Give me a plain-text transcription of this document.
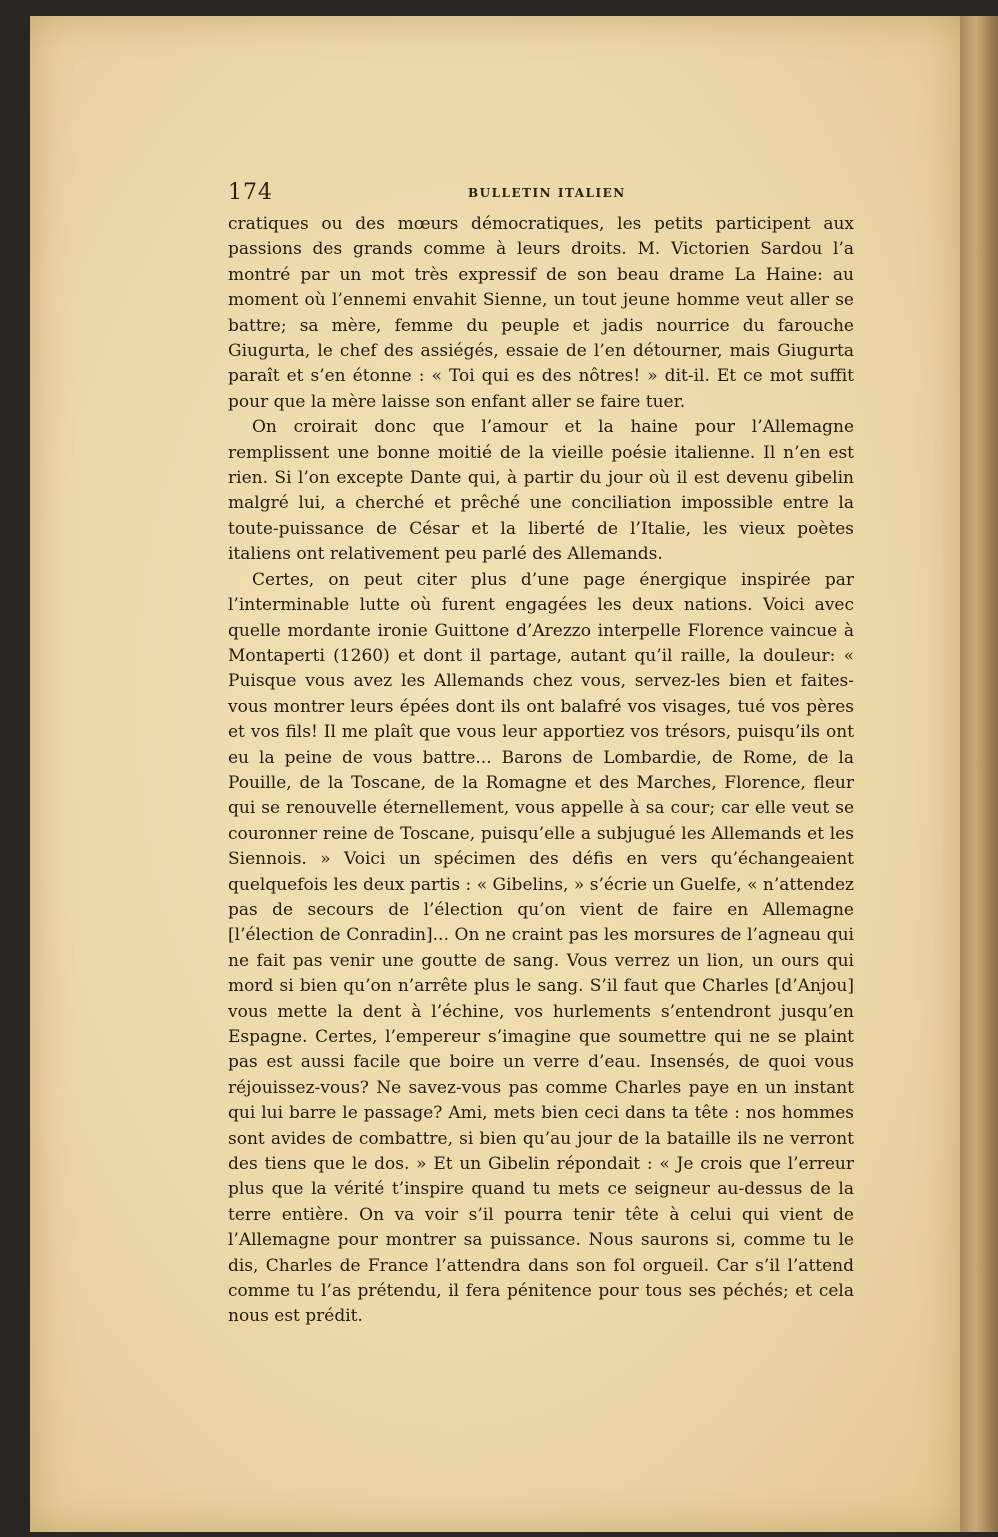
174	BULLETIN ITALIEN

cratiques ou des mœurs démocratiques, les petits participent aux passions des grands comme à leurs droits. M. Victorien Sardou l’a montré par un mot très expressif de son beau drame La Haine: au moment où l’ennemi envahit Sienne, un tout jeune homme veut aller se battre; sa mère, femme du peuple et jadis nourrice du farouche Giugurta, le chef des assiégés, essaie de l’en détourner, mais Giugurta paraît et s’en étonne : « Toi qui es des nôtres! » dit-il. Et ce mot suffit pour que la mère laisse son enfant aller se faire tuer.

On croirait donc que l’amour et la haine pour l’Allemagne remplissent une bonne moitié de la vieille poésie italienne. Il n’en est rien. Si l’on excepte Dante qui, à partir du jour où il est devenu gibelin malgré lui, a cherché et prêché une conciliation impossible entre la toute-puissance de César et la liberté de l’Italie, les vieux poètes italiens ont relativement peu parlé des Allemands.

Certes, on peut citer plus d’une page énergique inspirée par l’interminable lutte où furent engagées les deux nations. Voici avec quelle mordante ironie Guittone d’Arezzo interpelle Florence vaincue à Montaperti (1260) et dont il partage, autant qu’il raille, la douleur: « Puisque vous avez les Allemands chez vous, servez-les bien et faites-vous montrer leurs épées dont ils ont balafré vos visages, tué vos pères et vos fils! Il me plaît que vous leur apportiez vos trésors, puisqu’ils ont eu la peine de vous battre... Barons de Lombardie, de Rome, de la Pouille, de la Toscane, de la Romagne et des Marches, Florence, fleur qui se renouvelle éternellement, vous appelle à sa cour; car elle veut se couronner reine de Toscane, puisqu’elle a subjugué les Allemands et les Siennois. » Voici un spécimen des défis en vers qu’échangeaient quelquefois les deux partis : « Gibelins, » s’écrie un Guelfe, « n’attendez pas de secours de l’élection qu’on vient de faire en Allemagne [l’élection de Conradin]... On ne craint pas les morsures de l’agneau qui ne fait pas venir une goutte de sang. Vous verrez un lion, un ours qui mord si bien qu’on n’arrête plus le sang. S’il faut que Charles [d’Anjou] vous mette la dent à l’échine, vos hurlements s’entendront jusqu’en Espagne. Certes, l’empereur s’imagine que soumettre qui ne se plaint pas est aussi facile que boire un verre d’eau. Insensés, de quoi vous réjouissez-vous? Ne savez-vous pas comme Charles paye en un instant qui lui barre le passage? Ami, mets bien ceci dans ta tête : nos hommes sont avides de combattre, si bien qu’au jour de la bataille ils ne verront des tiens que le dos. » Et un Gibelin répondait : « Je crois que l’erreur plus que la vérité t’inspire quand tu mets ce seigneur au-dessus de la terre entière. On va voir s’il pourra tenir tête à celui qui vient de l’Allemagne pour montrer sa puissance. Nous saurons si, comme tu le dis, Charles de France l’attendra dans son fol orgueil. Car s’il l’attend comme tu l’as prétendu, il fera pénitence pour tous ses péchés; et cela nous est prédit.
